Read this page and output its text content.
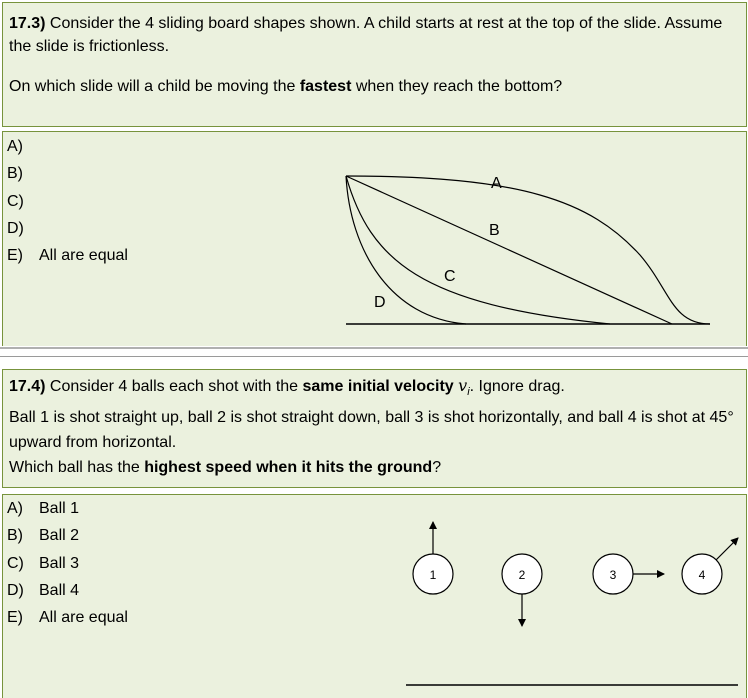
17.3) Consider the 4 sliding board shapes shown. A child starts at rest at the top of the slide. Assume the slide is frictionless.
On which slide will a child be moving the fastest when they reach the bottom?
A)
B)
C)
D)
E) All are equal
A
B
C
D
17.4) Consider 4 balls each shot with the same initial velocity $v_i$. Ignore drag.
Ball 1 is shot straight up, ball 2 is shot straight down, ball 3 is shot horizontally, and ball 4 is shot at 45° upward from horizontal.
Which ball has the highest speed when it hits the ground?
A) Ball 1
B) Ball 2
C) Ball 3
D) Ball 4
E) All are equal
1	2	3	4
